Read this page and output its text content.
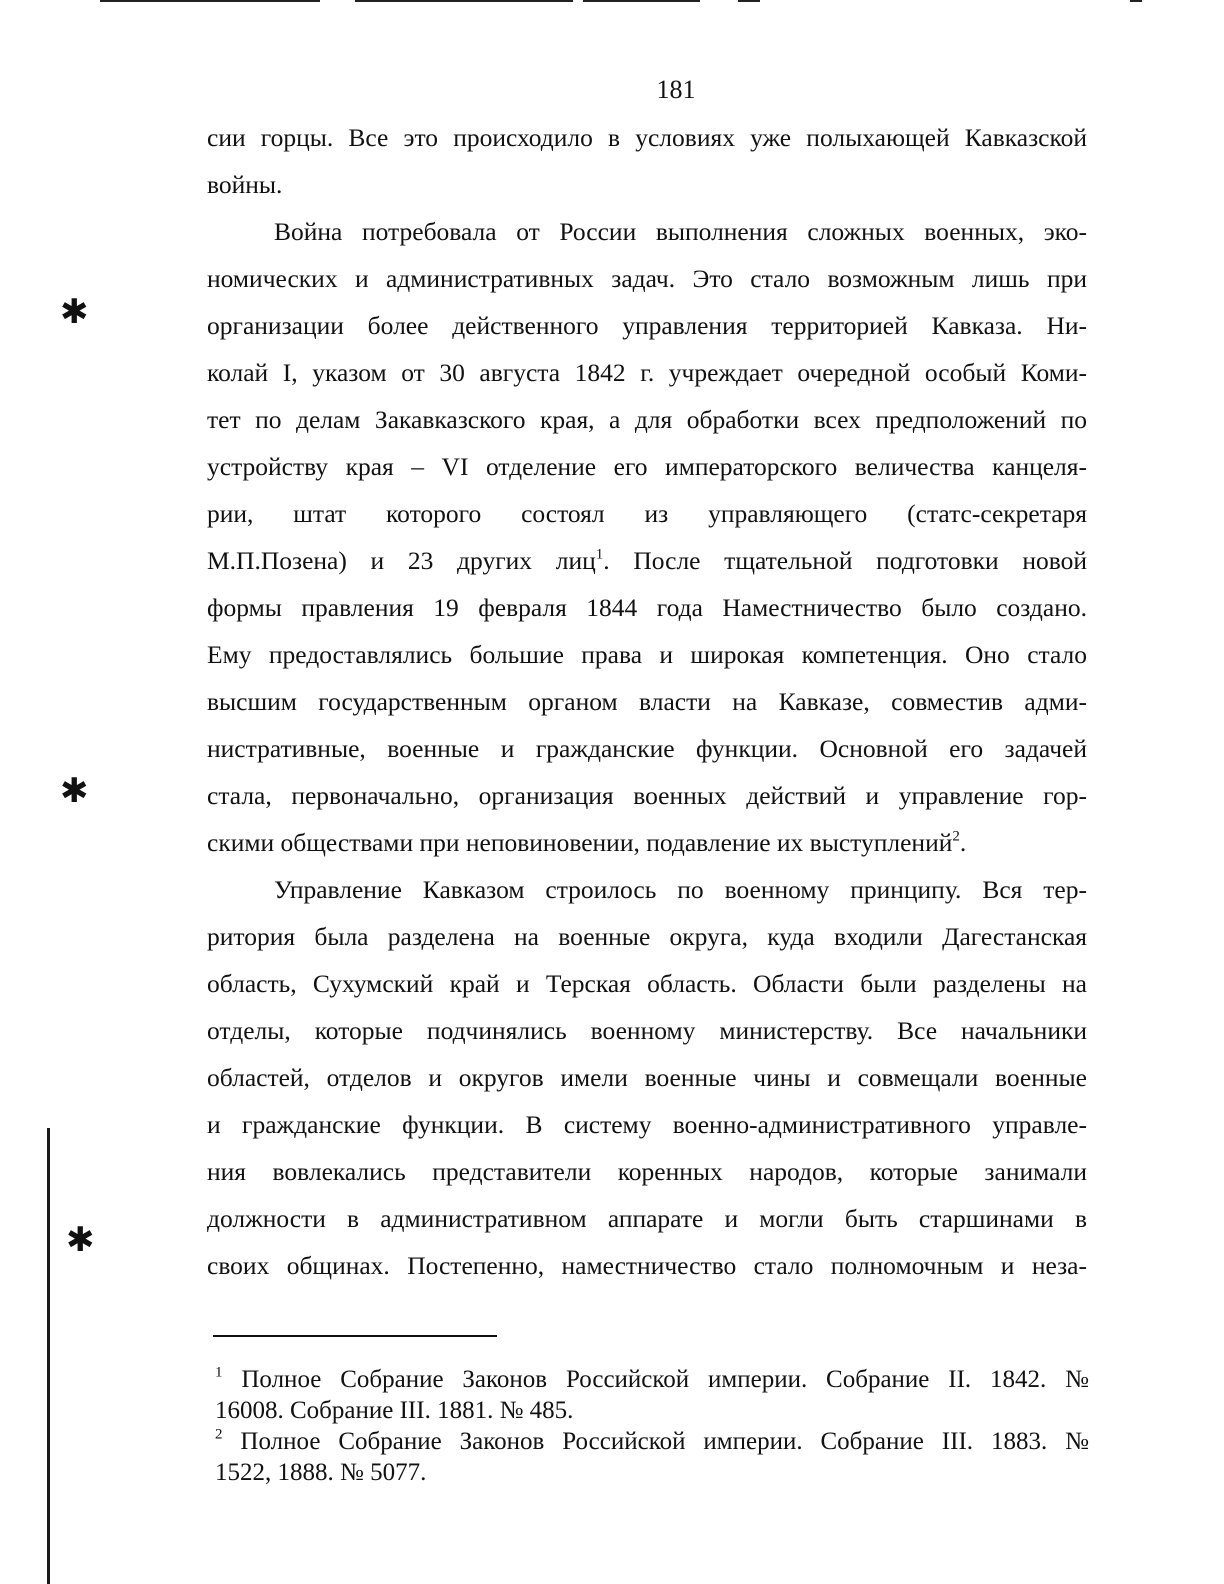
✱
✱
✱
181
сии горцы. Все это происходило в условиях уже полыхающей Кавказской
войны.
Война потребовала от России выполнения сложных военных, эко-
номических и административных задач. Это стало возможным лишь при
организации более действенного управления территорией Кавказа. Ни-
колай I, указом от 30 августа 1842 г. учреждает очередной особый Коми-
тет по делам Закавказского края, а для обработки всех предположений по
устройству края – VI отделение его императорского величества канцеля-
рии, штат которого состоял из управляющего (статс-секретаря
М.П.Позена) и 23 других лиц$^1$. После тщательной подготовки новой
формы правления 19 февраля 1844 года Наместничество было создано.
Ему предоставлялись большие права и широкая компетенция. Оно стало
высшим государственным органом власти на Кавказе, совместив адми-
нистративные, военные и гражданские функции. Основной его задачей
стала, первоначально, организация военных действий и управление гор-
скими обществами при неповиновении, подавление их выступлений$^2$.
Управление Кавказом строилось по военному принципу. Вся тер-
ритория была разделена на военные округа, куда входили Дагестанская
область, Сухумский край и Терская область. Области были разделены на
отделы, которые подчинялись военному министерству. Все начальники
областей, отделов и округов имели военные чины и совмещали военные
и гражданские функции. В систему военно-административного управле-
ния вовлекались представители коренных народов, которые занимали
должности в административном аппарате и могли быть старшинами в
своих общинах. Постепенно, наместничество стало полномочным и неза-
$^1$ Полное Собрание Законов Российской империи. Собрание II. 1842. №
16008. Собрание III. 1881. № 485.
$^2$ Полное Собрание Законов Российской империи. Собрание III. 1883. №
1522, 1888. № 5077.
